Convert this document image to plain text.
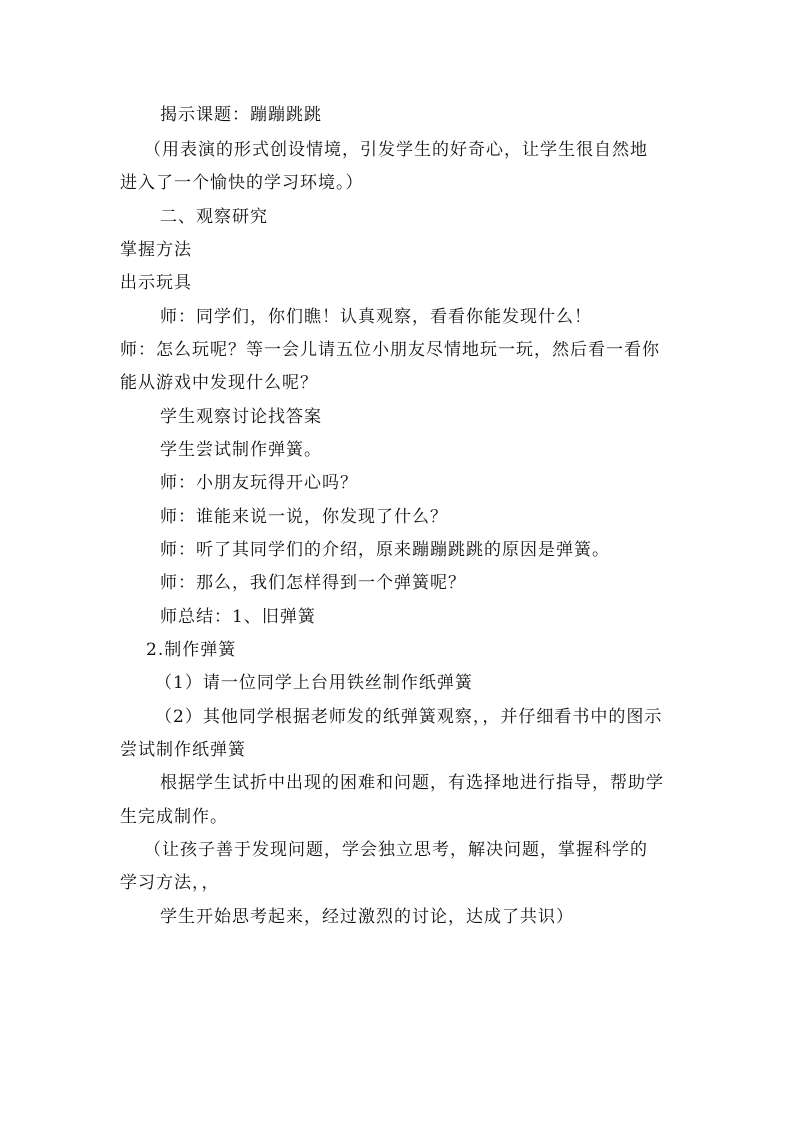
揭示课题：蹦蹦跳跳
（用表演的形式创设情境，引发学生的好奇心，让学生很自然地
进入了一个愉快的学习环境。）
二、观察研究
掌握方法
出示玩具
师：同学们，你们瞧！认真观察，看看你能发现什么！
师：怎么玩呢？等一会儿请五位小朋友尽情地玩一玩，然后看一看你
能从游戏中发现什么呢？
学生观察讨论找答案
学生尝试制作弹簧。
师：小朋友玩得开心吗？
师：谁能来说一说，你发现了什么？
师：听了其同学们的介绍，原来蹦蹦跳跳的原因是弹簧。
师：那么，我们怎样得到一个弹簧呢？
师总结：1、旧弹簧
2.制作弹簧
（1）请一位同学上台用铁丝制作纸弹簧
（2）其他同学根据老师发的纸弹簧观察，，并仔细看书中的图示
尝试制作纸弹簧
根据学生试折中出现的困难和问题，有选择地进行指导，帮助学
生完成制作。
（让孩子善于发现问题，学会独立思考，解决问题，掌握科学的
学习方法，，
学生开始思考起来，经过激烈的讨论，达成了共识）
